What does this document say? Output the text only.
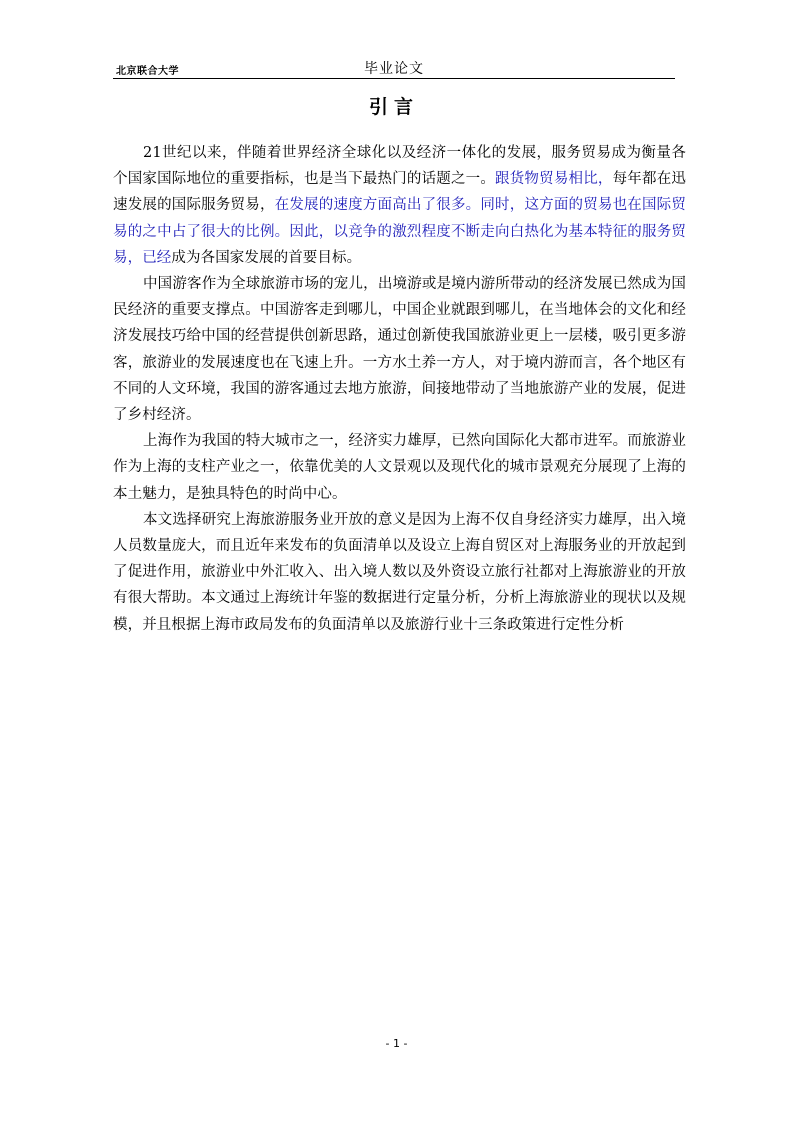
北京联合大学	毕业论文
引言

21世纪以来，伴随着世界经济全球化以及经济一体化的发展，服务贸易成为衡量各个国家国际地位的重要指标，也是当下最热门的话题之一。跟货物贸易相比，每年都在迅速发展的国际服务贸易，在发展的速度方面高出了很多。同时，这方面的贸易也在国际贸易的之中占了很大的比例。因此，以竞争的激烈程度不断走向白热化为基本特征的服务贸易，已经成为各国家发展的首要目标。

中国游客作为全球旅游市场的宠儿，出境游或是境内游所带动的经济发展已然成为国民经济的重要支撑点。中国游客走到哪儿，中国企业就跟到哪儿，在当地体会的文化和经济发展技巧给中国的经营提供创新思路，通过创新使我国旅游业更上一层楼，吸引更多游客，旅游业的发展速度也在飞速上升。一方水土养一方人，对于境内游而言，各个地区有不同的人文环境，我国的游客通过去地方旅游，间接地带动了当地旅游产业的发展，促进了乡村经济。

上海作为我国的特大城市之一，经济实力雄厚，已然向国际化大都市进军。而旅游业作为上海的支柱产业之一，依靠优美的人文景观以及现代化的城市景观充分展现了上海的本土魅力，是独具特色的时尚中心。

本文选择研究上海旅游服务业开放的意义是因为上海不仅自身经济实力雄厚，出入境人员数量庞大，而且近年来发布的负面清单以及设立上海自贸区对上海服务业的开放起到了促进作用，旅游业中外汇收入、出入境人数以及外资设立旅行社都对上海旅游业的开放有很大帮助。本文通过上海统计年鉴的数据进行定量分析，分析上海旅游业的现状以及规模，并且根据上海市政局发布的负面清单以及旅游行业十三条政策进行定性分析

- 1 -
